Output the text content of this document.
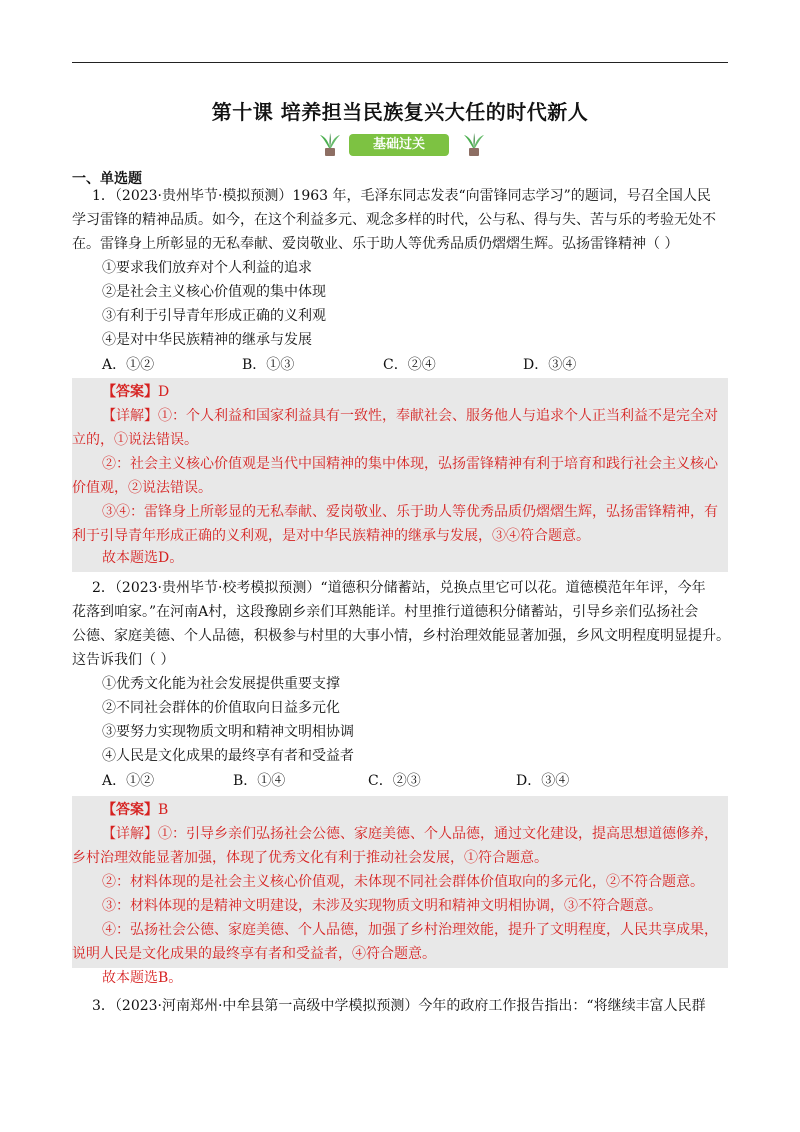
第十课 培养担当民族复兴大任的时代新人
基础过关
一、单选题
1．（2023·贵州毕节·模拟预测）1963 年，毛泽东同志发表“向雷锋同志学习”的题词，号召全国人民
学习雷锋的精神品质。如今，在这个利益多元、观念多样的时代，公与私、得与失、苦与乐的考验无处不
在。雷锋身上所彰显的无私奉献、爱岗敬业、乐于助人等优秀品质仍熠熠生辉。弘扬雷锋精神（ ）
①要求我们放弃对个人利益的追求
②是社会主义核心价值观的集中体现
③有利于引导青年形成正确的义利观
④是对中华民族精神的继承与发展
A．①②	B．①③	C．②④	D．③④
【答案】D
【详解】①：个人利益和国家利益具有一致性，奉献社会、服务他人与追求个人正当利益不是完全对
立的，①说法错误。
②：社会主义核心价值观是当代中国精神的集中体现，弘扬雷锋精神有利于培育和践行社会主义核心
价值观，②说法错误。
③④：雷锋身上所彰显的无私奉献、爱岗敬业、乐于助人等优秀品质仍熠熠生辉，弘扬雷锋精神，有
利于引导青年形成正确的义利观，是对中华民族精神的继承与发展，③④符合题意。
故本题选D。
2．（2023·贵州毕节·校考模拟预测）“道德积分储蓄站，兑换点里它可以花。道德模范年年评，今年
花落到咱家。”在河南A村，这段豫剧乡亲们耳熟能详。村里推行道德积分储蓄站，引导乡亲们弘扬社会
公德、家庭美德、个人品德，积极参与村里的大事小情，乡村治理效能显著加强，乡风文明程度明显提升。
这告诉我们（ ）
①优秀文化能为社会发展提供重要支撑
②不同社会群体的价值取向日益多元化
③要努力实现物质文明和精神文明相协调
④人民是文化成果的最终享有者和受益者
A．①②	B．①④	C．②③	D．③④
【答案】B
【详解】①：引导乡亲们弘扬社会公德、家庭美德、个人品德，通过文化建设，提高思想道德修养，
乡村治理效能显著加强，体现了优秀文化有利于推动社会发展，①符合题意。
②：材料体现的是社会主义核心价值观，未体现不同社会群体价值取向的多元化，②不符合题意。
③：材料体现的是精神文明建设，未涉及实现物质文明和精神文明相协调，③不符合题意。
④：弘扬社会公德、家庭美德、个人品德，加强了乡村治理效能，提升了文明程度，人民共享成果，
说明人民是文化成果的最终享有者和受益者，④符合题意。
故本题选B。
3．（2023·河南郑州·中牟县第一高级中学模拟预测）今年的政府工作报告指出：“将继续丰富人民群
